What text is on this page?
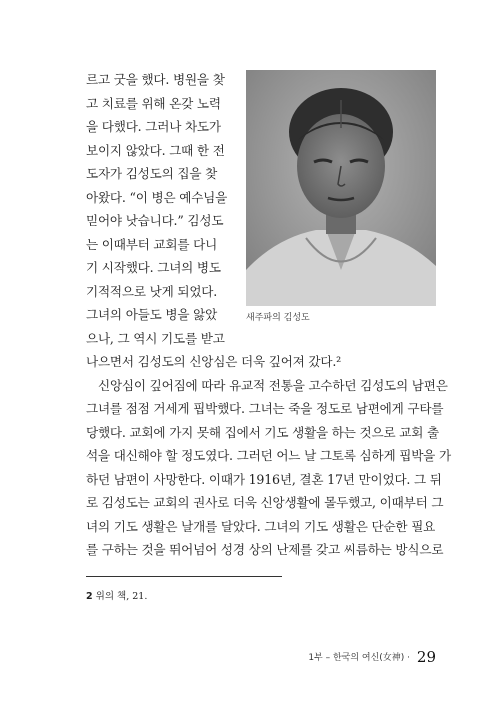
르고 굿을 했다. 병원을 찾
고 치료를 위해 온갖 노력
을 다했다. 그러나 차도가
보이지 않았다. 그때 한 전
도자가 김성도의 집을 찾
아왔다. “이 병은 예수님을
믿어야 낫습니다.” 김성도
는 이때부터 교회를 다니
기 시작했다. 그녀의 병도
기적적으로 낫게 되었다.
그녀의 아들도 병을 앓았
으나, 그 역시 기도를 받고
새주파의 김성도
나으면서 김성도의 신앙심은 더욱 깊어져 갔다.²
신앙심이 깊어짐에 따라 유교적 전통을 고수하던 김성도의 남편은
그녀를 점점 거세게 핍박했다. 그녀는 죽을 정도로 남편에게 구타를
당했다. 교회에 가지 못해 집에서 기도 생활을 하는 것으로 교회 출
석을 대신해야 할 정도였다. 그러던 어느 날 그토록 심하게 핍박을 가
하던 남편이 사망한다. 이때가 1916년, 결혼 17년 만이었다. 그 뒤
로 김성도는 교회의 권사로 더욱 신앙생활에 몰두했고, 이때부터 그
녀의 기도 생활은 날개를 달았다. 그녀의 기도 생활은 단순한 필요
를 구하는 것을 뛰어넘어 성경 상의 난제를 갖고 씨름하는 방식으로
2 위의 책, 21.
1부 – 한국의 여신(女神) · 29
